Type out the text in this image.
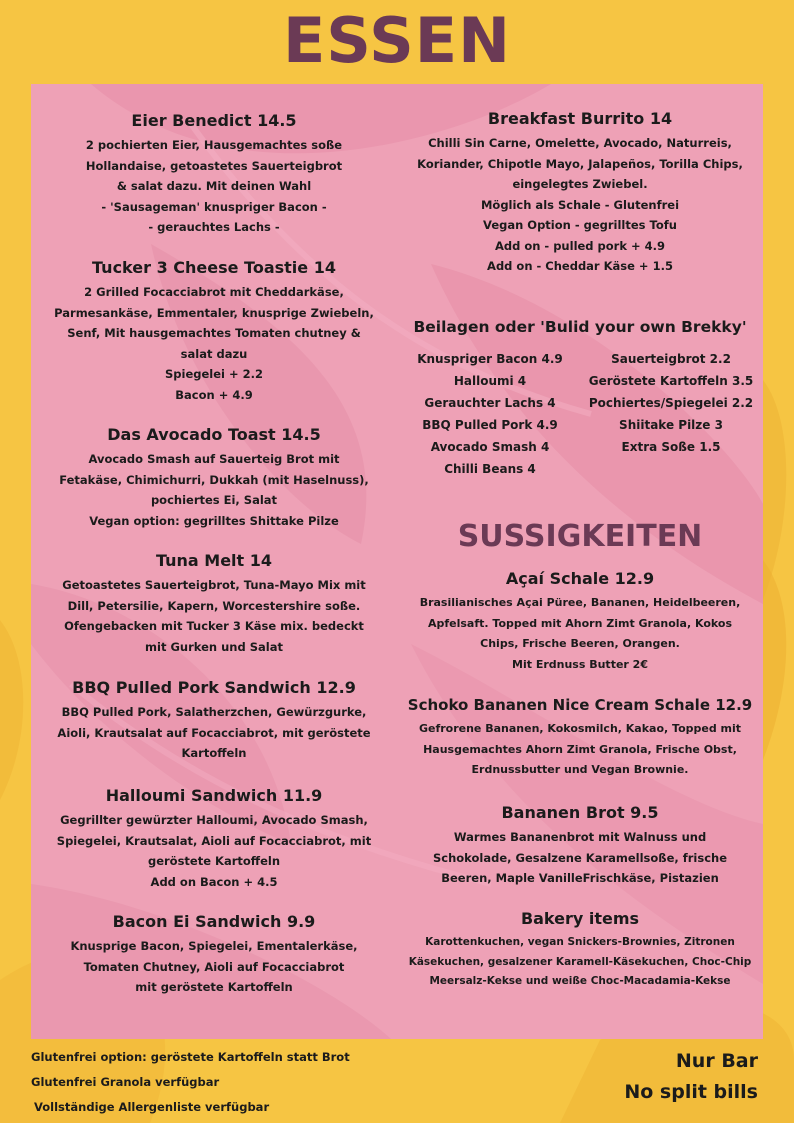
ESSEN
Eier Benedict 14.5

2 pochierten Eier, Hausgemachtes soße
Hollandaise, getoastetes Sauerteigbrot
& salat dazu. Mit deinen Wahl
- 'Sausageman' knuspriger Bacon -
- gerauchtes Lachs -

Tucker 3 Cheese Toastie 14

2 Grilled Focacciabrot mit Cheddarkäse,
Parmesankäse, Emmentaler, knusprige Zwiebeln,
Senf, Mit hausgemachtes Tomaten chutney &
salat dazu
Spiegelei + 2.2
Bacon + 4.9

Das Avocado Toast 14.5

Avocado Smash auf Sauerteig Brot mit
Fetakäse, Chimichurri, Dukkah (mit Haselnuss),
pochiertes Ei, Salat
Vegan option: gegrilltes Shittake Pilze

Tuna Melt 14

Getoastetes Sauerteigbrot, Tuna-Mayo Mix mit
Dill, Petersilie, Kapern, Worcestershire soße.
Ofengebacken mit Tucker 3 Käse mix. bedeckt
mit Gurken und Salat

BBQ Pulled Pork Sandwich 12.9

BBQ Pulled Pork, Salatherzchen, Gewürzgurke,
Aioli, Krautsalat auf Focacciabrot, mit geröstete
Kartoffeln

Halloumi Sandwich 11.9

Gegrillter gewürzter Halloumi, Avocado Smash,
Spiegelei, Krautsalat, Aioli auf Focacciabrot, mit
geröstete Kartoffeln
Add on Bacon + 4.5

Bacon Ei Sandwich 9.9

Knusprige Bacon, Spiegelei, Ementalerkäse,
Tomaten Chutney, Aioli auf Focacciabrot
mit geröstete Kartoffeln

Breakfast Burrito 14

Chilli Sin Carne, Omelette, Avocado, Naturreis,
Koriander, Chipotle Mayo, Jalapeños, Torilla Chips,
eingelegtes Zwiebel.
Möglich als Schale - Glutenfrei
Vegan Option - gegrilltes Tofu
Add on - pulled pork + 4.9
Add on - Cheddar Käse + 1.5

Beilagen oder 'Bulid your own Brekky'
Knuspriger Bacon 4.9	Sauerteigbrot 2.2
Halloumi 4	Geröstete Kartoffeln 3.5
Gerauchter Lachs 4	Pochiertes/Spiegelei 2.2
BBQ Pulled Pork 4.9	Shiitake Pilze 3
Avocado Smash 4	Extra Soße 1.5
Chilli Beans 4
SUSSIGKEITEN
Açaí Schale 12.9

Brasilianisches Açai Püree, Bananen, Heidelbeeren,
Apfelsaft. Topped mit Ahorn Zimt Granola, Kokos
Chips, Frische Beeren, Orangen.
Mit Erdnuss Butter 2€

Schoko Bananen Nice Cream Schale 12.9

Gefrorene Bananen, Kokosmilch, Kakao, Topped mit
Hausgemachtes Ahorn Zimt Granola, Frische Obst,
Erdnussbutter und Vegan Brownie.

Bananen Brot 9.5

Warmes Bananenbrot mit Walnuss und
Schokolade, Gesalzene Karamellsoße, frische
Beeren, Maple VanilleFrischkäse, Pistazien

Bakery items

Karottenkuchen, vegan Snickers-Brownies, Zitronen
Käsekuchen, gesalzener Karamell-Käsekuchen, Choc-Chip
Meersalz-Kekse und weiße Choc-Macadamia-Kekse

Glutenfrei option: geröstete Kartoffeln statt Brot
Glutenfrei Granola verfügbar
Vollständige Allergenliste verfügbar
Nur Bar
No split bills
